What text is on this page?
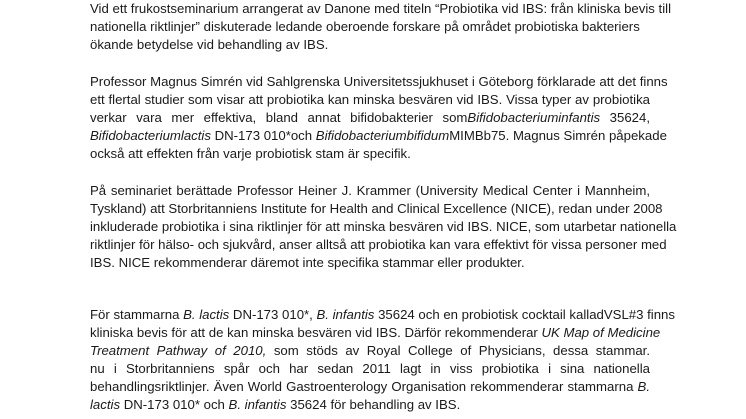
Vid ett frukostseminarium arrangerat av Danone med titeln “Probiotika vid IBS: från kliniska bevis till
nationella riktlinjer” diskuterade ledande oberoende forskare på området probiotiska bakteriers
ökande betydelse vid behandling av IBS.
Professor Magnus Simrén vid Sahlgrenska Universitetssjukhuset i Göteborg förklarade att det finns
ett flertal studier som visar att probiotika kan minska besvären vid IBS. Vissa typer av probiotika
verkar vara mer effektiva, bland annat bifidobakterier somBifidobacteriuminfantis 35624,
Bifidobacteriumlactis DN-173 010*och BifidobacteriumbifidumMIMBb75. Magnus Simrén påpekade
också att effekten från varje probiotisk stam är specifik.
På seminariet berättade Professor Heiner J. Krammer (University Medical Center i Mannheim,
Tyskland) att Storbritanniens Institute for Health and Clinical Excellence (NICE), redan under 2008
inkluderade probiotika i sina riktlinjer för att minska besvären vid IBS. NICE, som utarbetar nationella
riktlinjer för hälso- och sjukvård, anser alltså att probiotika kan vara effektivt för vissa personer med
IBS. NICE rekommenderar däremot inte specifika stammar eller produkter.
För stammarna B. lactis DN-173 010*, B. infantis 35624 och en probiotisk cocktail kalladVSL#3 finns
kliniska bevis för att de kan minska besvären vid IBS. Därför rekommenderar UK Map of Medicine
Treatment Pathway of 2010, som stöds av Royal College of Physicians, dessa stammar.
nu i Storbritanniens spår och har sedan 2011 lagt in viss probiotika i sina nationella
behandlingsriktlinjer. Även World Gastroenterology Organisation rekommenderar stammarna B.
lactis DN-173 010* och B. infantis 35624 för behandling av IBS.
